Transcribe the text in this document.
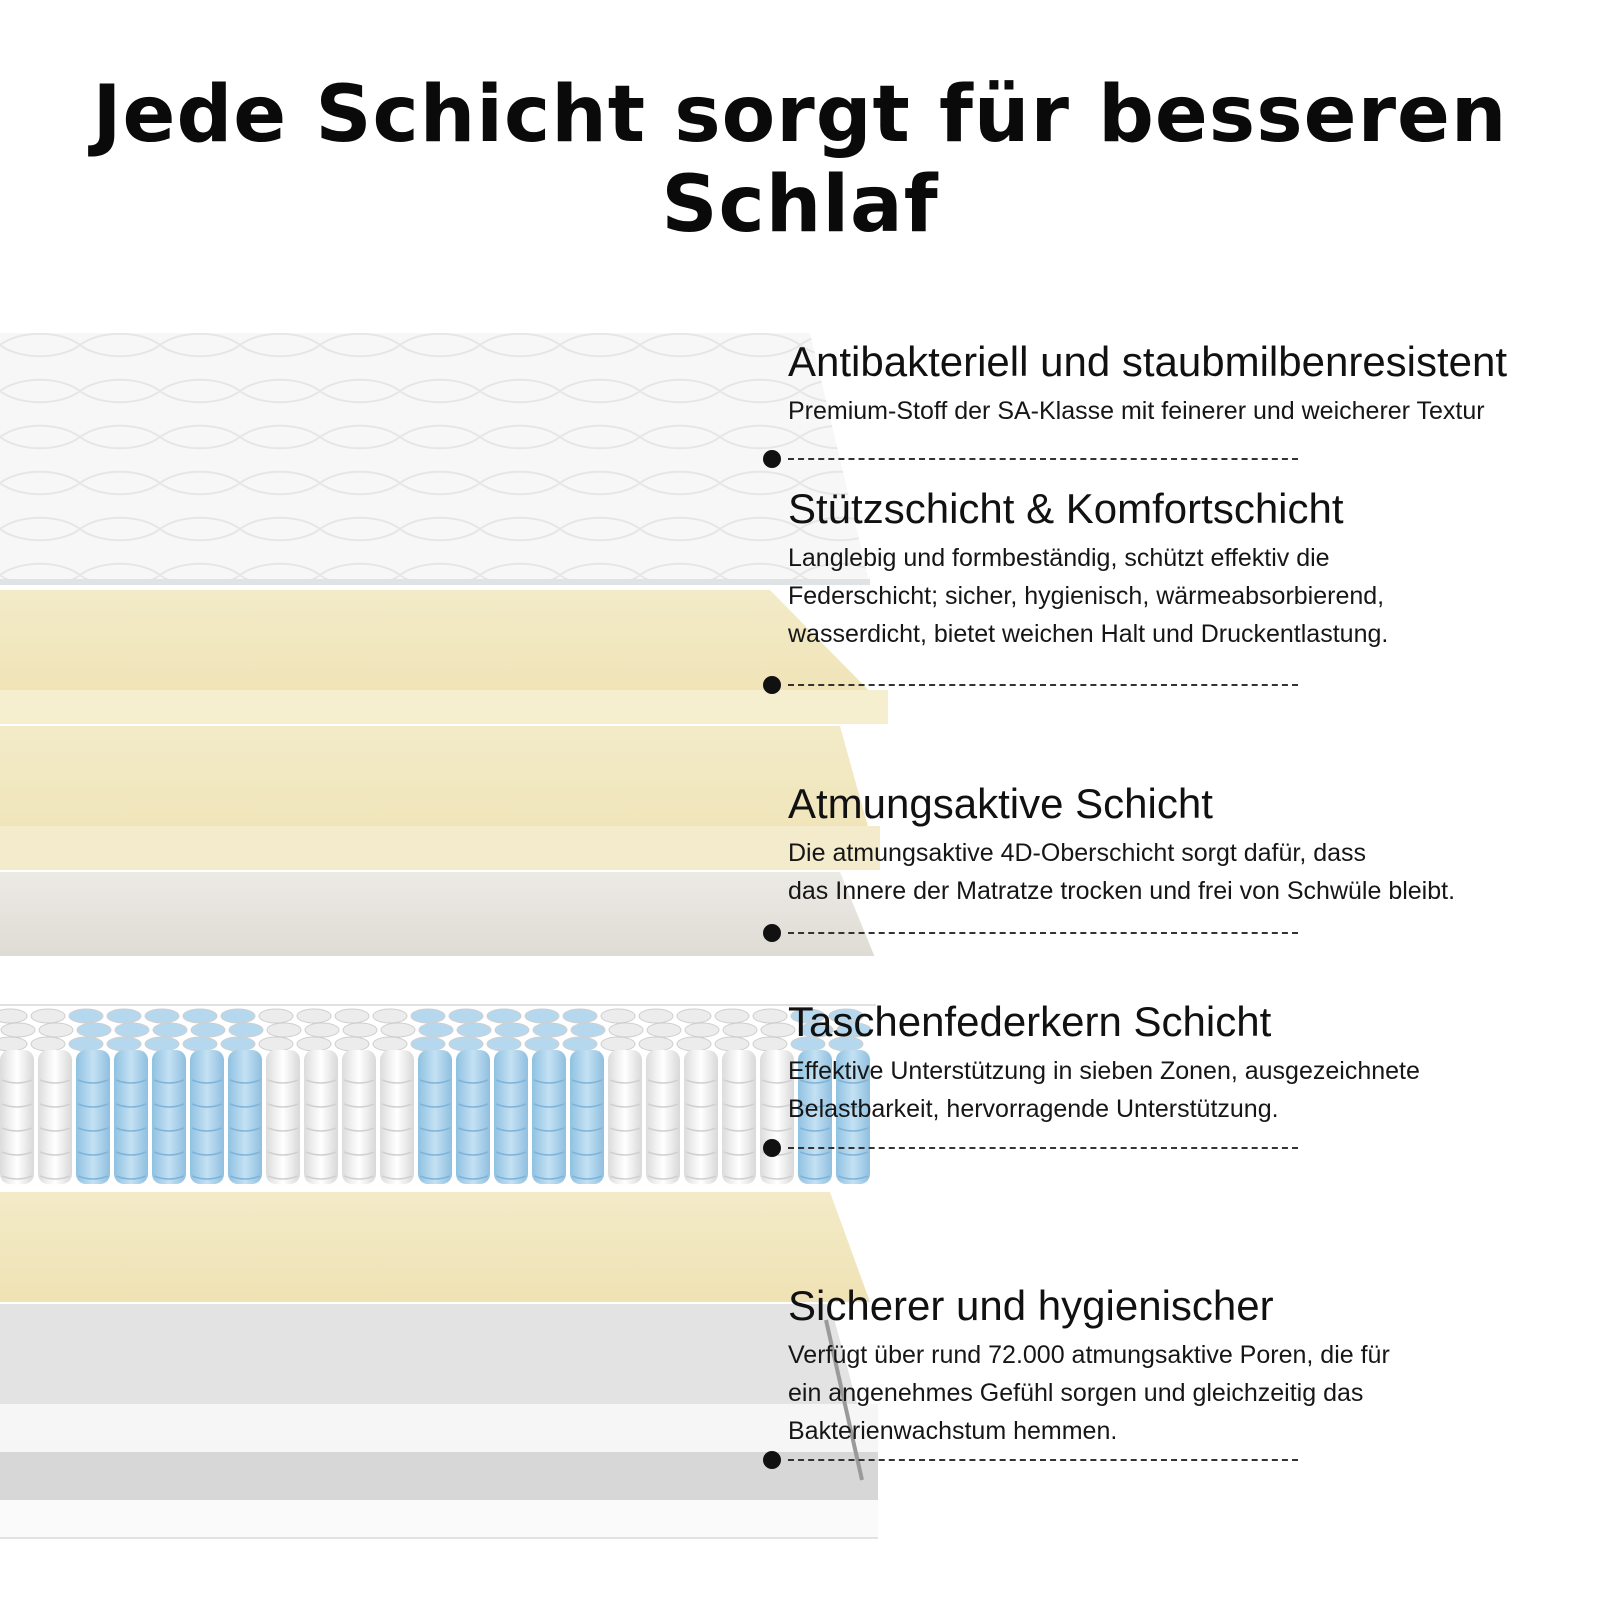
Jede Schicht sorgt für besseren Schlaf
Antibakteriell und staubmilbenresistent

Premium-Stoff der SA-Klasse mit feinerer und weicherer Textur

Stützschicht & Komfortschicht

Langlebig und formbeständig, schützt effektiv die
Federschicht; sicher, hygienisch, wärmeabsorbierend,
wasserdicht, bietet weichen Halt und Druckentlastung.

Atmungsaktive Schicht

Die atmungsaktive 4D-Oberschicht sorgt dafür, dass
das Innere der Matratze trocken und frei von Schwüle bleibt.

Taschenfederkern Schicht

Effektive Unterstützung in sieben Zonen, ausgezeichnete
Belastbarkeit, hervorragende Unterstützung.

Sicherer und hygienischer

Verfügt über rund 72.000 atmungsaktive Poren, die für
ein angenehmes Gefühl sorgen und gleichzeitig das
Bakterienwachstum hemmen.
